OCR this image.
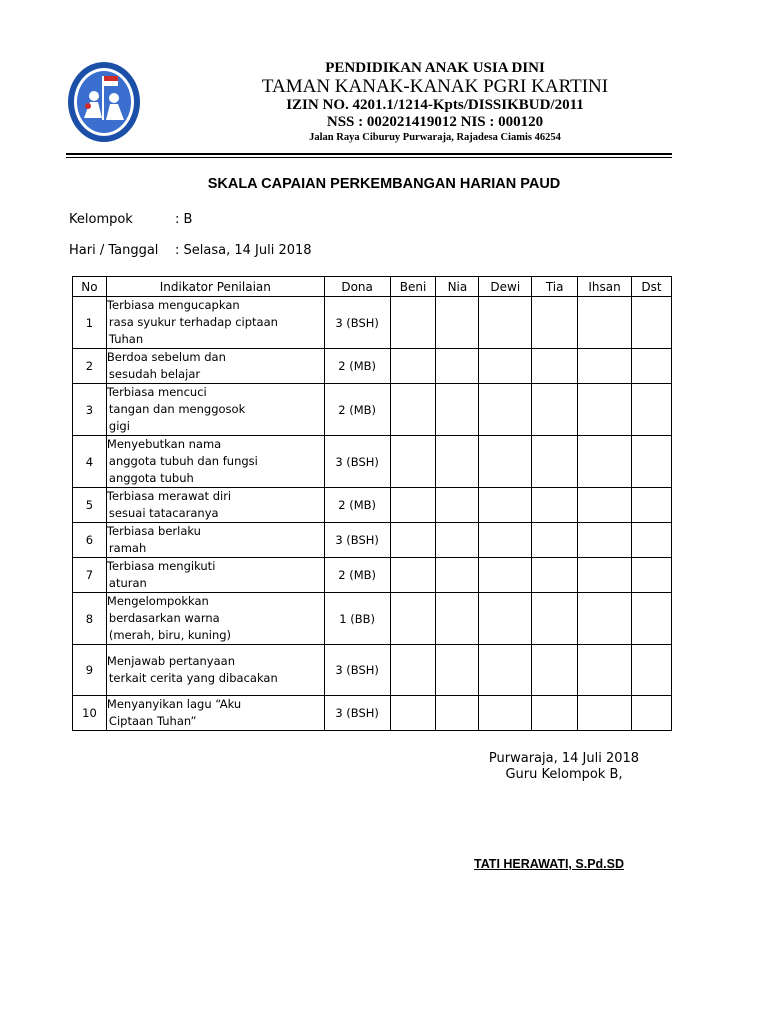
PENDIDIKAN ANAK USIA DINI
TAMAN KANAK-KANAK PGRI KARTINI
IZIN NO. 4201.1/1214-Kpts/DISSIKBUD/2011
NSS : 002021419012 NIS : 000120
Jalan Raya Ciburuy Purwaraja, Rajadesa Ciamis 46254
SKALA CAPAIAN PERKEMBANGAN HARIAN PAUD
Kelompok	: B
Hari / Tanggal : Selasa, 14 Juli 2018
No	Indikator Penilaian	Dona	Beni	Nia	Dewi	Tia	Ihsan	Dst
1	Terbiasa mengucapkan
rasa syukur terhadap ciptaan
Tuhan	3 (BSH)						
2	Berdoa sebelum dan
sesudah belajar	2 (MB)						
3	Terbiasa mencuci
tangan dan menggosok
gigi	2 (MB)						
4	Menyebutkan nama
anggota tubuh dan fungsi
anggota tubuh	3 (BSH)						
5	Terbiasa merawat diri
sesuai tatacaranya	2 (MB)						
6	Terbiasa berlaku
ramah	3 (BSH)						
7	Terbiasa mengikuti
aturan	2 (MB)						
8	Mengelompokkan
berdasarkan warna
(merah, biru, kuning)	1 (BB)						
9	Menjawab pertanyaan
terkait cerita yang dibacakan	3 (BSH)						
10	Menyanyikan lagu “Aku
Ciptaan Tuhan”	3 (BSH)						
Purwaraja, 14 Juli 2018
Guru Kelompok B,
TATI HERAWATI, S.Pd.SD
